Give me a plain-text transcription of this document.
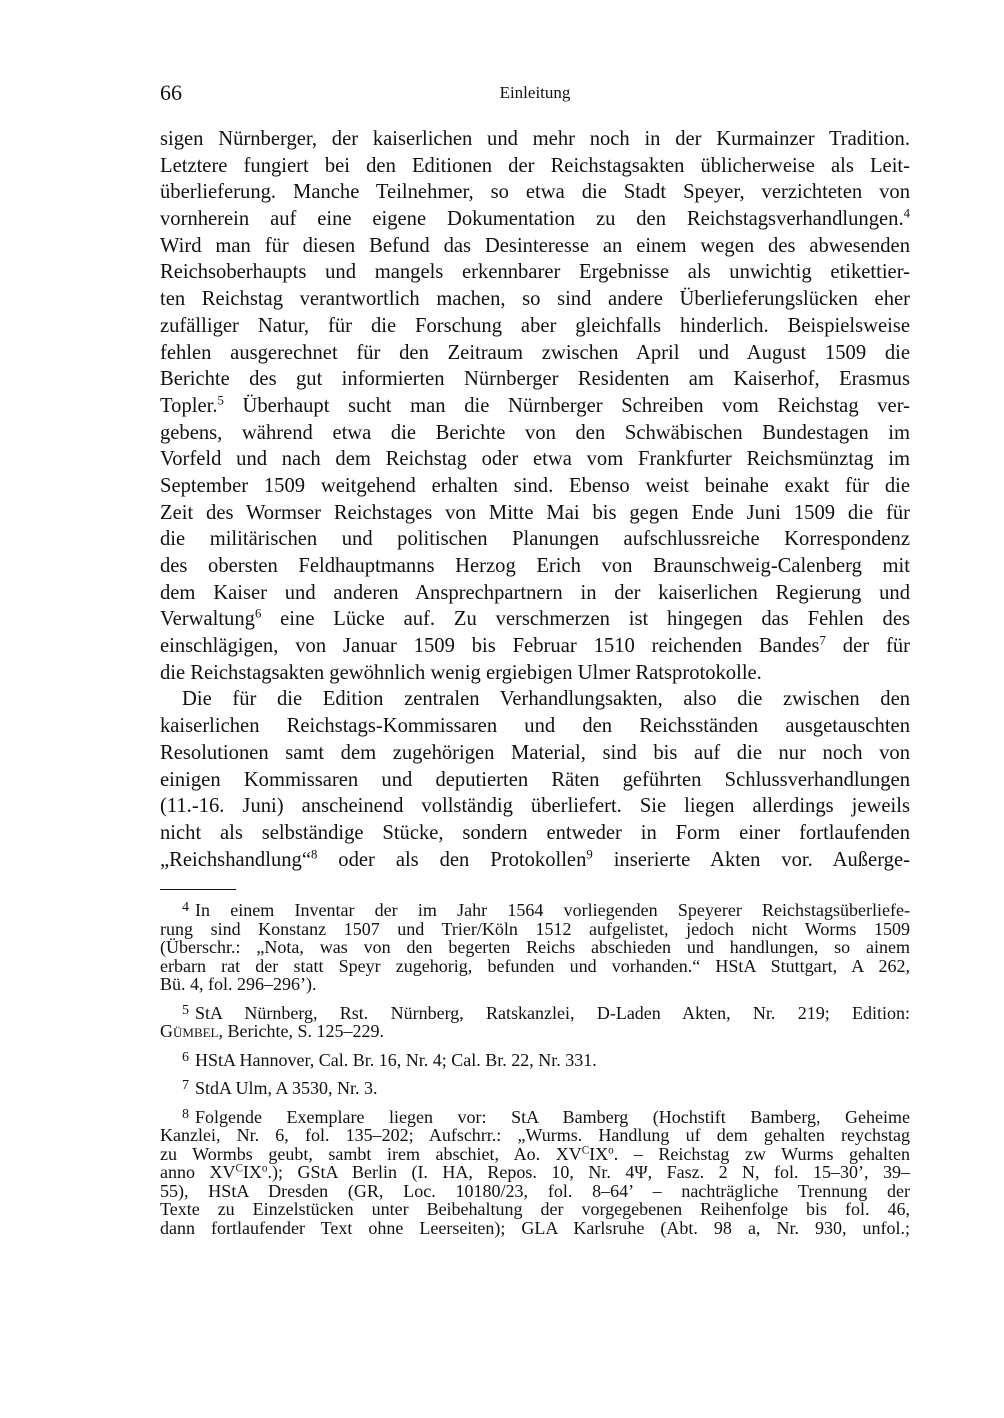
66	Einleitung
sigen Nürnberger, der kaiserlichen und mehr noch in der Kurmainzer Tradition.
Letztere fungiert bei den Editionen der Reichstagsakten üblicherweise als Leit-
überlieferung. Manche Teilnehmer, so etwa die Stadt Speyer, verzichteten von
vornherein auf eine eigene Dokumentation zu den Reichstagsverhandlungen.$^4$
Wird man für diesen Befund das Desinteresse an einem wegen des abwesenden
Reichsoberhaupts und mangels erkennbarer Ergebnisse als unwichtig etikettier-
ten Reichstag verantwortlich machen, so sind andere Überlieferungslücken eher
zufälliger Natur, für die Forschung aber gleichfalls hinderlich. Beispielsweise
fehlen ausgerechnet für den Zeitraum zwischen April und August 1509 die
Berichte des gut informierten Nürnberger Residenten am Kaiserhof, Erasmus
Topler.$^5$ Überhaupt sucht man die Nürnberger Schreiben vom Reichstag ver-
gebens, während etwa die Berichte von den Schwäbischen Bundestagen im
Vorfeld und nach dem Reichstag oder etwa vom Frankfurter Reichsmünztag im
September 1509 weitgehend erhalten sind. Ebenso weist beinahe exakt für die
Zeit des Wormser Reichstages von Mitte Mai bis gegen Ende Juni 1509 die für
die militärischen und politischen Planungen aufschlussreiche Korrespondenz
des obersten Feldhauptmanns Herzog Erich von Braunschweig-Calenberg mit
dem Kaiser und anderen Ansprechpartnern in der kaiserlichen Regierung und
Verwaltung$^6$ eine Lücke auf. Zu verschmerzen ist hingegen das Fehlen des
einschlägigen, von Januar 1509 bis Februar 1510 reichenden Bandes$^7$ der für
die Reichstagsakten gewöhnlich wenig ergiebigen Ulmer Ratsprotokolle.
Die für die Edition zentralen Verhandlungsakten, also die zwischen den
kaiserlichen Reichstags-Kommissaren und den Reichsständen ausgetauschten
Resolutionen samt dem zugehörigen Material, sind bis auf die nur noch von
einigen Kommissaren und deputierten Räten geführten Schlussverhandlungen
(11.-16. Juni) anscheinend vollständig überliefert. Sie liegen allerdings jeweils
nicht als selbständige Stücke, sondern entweder in Form einer fortlaufenden
„Reichshandlung“$^8$ oder als den Protokollen$^9$ inserierte Akten vor. Außerge-
$^4$ In einem Inventar der im Jahr 1564 vorliegenden Speyerer Reichstagsüberliefe-
rung sind Konstanz 1507 und Trier/Köln 1512 aufgelistet, jedoch nicht Worms 1509
(Überschr.: „Nota, was von den begerten Reichs abschieden und handlungen, so ainem
erbarn rat der statt Speyr zugehorig, befunden und vorhanden.“ HStA Stuttgart, A 262,
Bü. 4, fol. 296–296’).
$^5$ StA Nürnberg, Rst. Nürnberg, Ratskanzlei, D-Laden Akten, Nr. 219; Edition:
Gümbel, Berichte, S. 125–229.
$^6$ HStA Hannover, Cal. Br. 16, Nr. 4; Cal. Br. 22, Nr. 331.
$^7$ StdA Ulm, A 3530, Nr. 3.
$^8$ Folgende Exemplare liegen vor: StA Bamberg (Hochstift Bamberg, Geheime
Kanzlei, Nr. 6, fol. 135–202; Aufschrr.: „Wurms. Handlung uf dem gehalten reychstag
zu Wormbs geubt, sambt irem abschiet, Ao. $XV^CIX^o$. – Reichstag zw Wurms gehalten
anno $XV^CIX^o$.); GStA Berlin (I. HA, Repos. 10, Nr. 4Ψ, Fasz. 2 N, fol. 15–30’, 39–
55), HStA Dresden (GR, Loc. 10180/23, fol. 8–64’ – nachträgliche Trennung der
Texte zu Einzelstücken unter Beibehaltung der vorgegebenen Reihenfolge bis fol. 46,
dann fortlaufender Text ohne Leerseiten); GLA Karlsruhe (Abt. 98 a, Nr. 930, unfol.;
